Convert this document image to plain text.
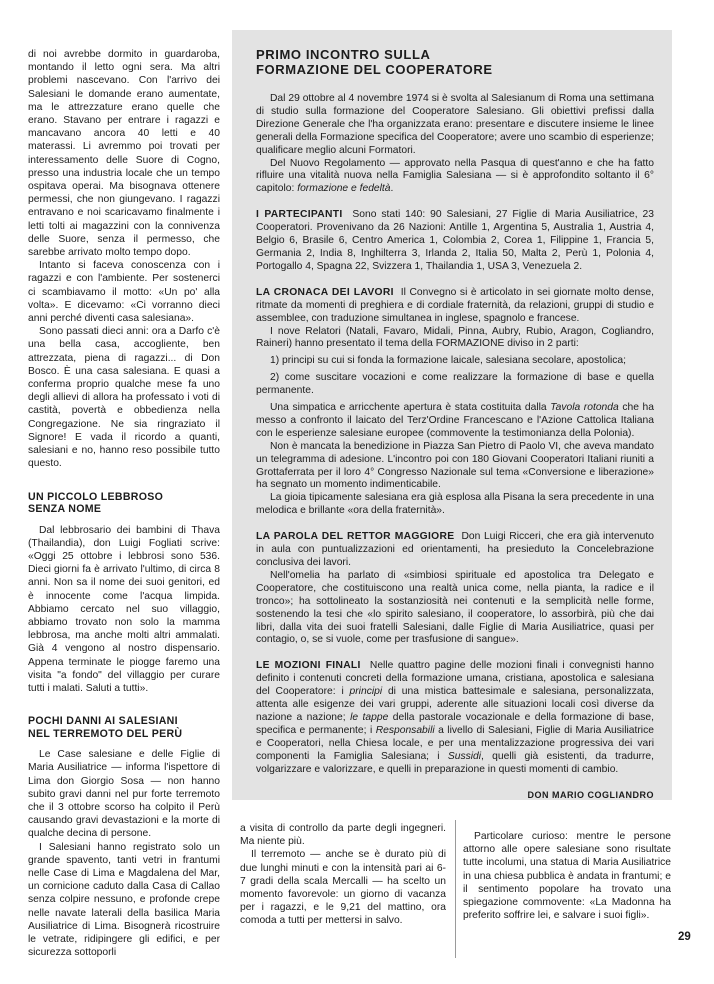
di noi avrebbe dormito in guardaroba, montando il letto ogni sera. Ma altri problemi nascevano. Con l'arrivo dei Salesiani le domande erano aumentate, ma le attrezzature erano quelle che erano. Stavano per entrare i ragazzi e mancavano ancora 40 letti e 40 materassi. Li avremmo poi trovati per interessamento delle Suore di Cogno, presso una industria locale che un tempo ospitava operai. Ma bisognava ottenere permessi, che non giungevano. I ragazzi entravano e noi scaricavamo finalmente i letti tolti ai magazzini con la connivenza delle Suore, senza il permesso, che sarebbe arrivato molto tempo dopo.

Intanto si faceva conoscenza con i ragazzi e con l'ambiente. Per sostenerci ci scambiavamo il motto: «Un po' alla volta». E dicevamo: «Ci vorranno dieci anni perché diventi casa salesiana».

Sono passati dieci anni: ora a Darfo c'è una bella casa, accogliente, ben attrezzata, piena di ragazzi... di Don Bosco. È una casa salesiana. E quasi a conferma proprio qualche mese fa uno degli allievi di allora ha professato i voti di castità, povertà e obbedienza nella Congregazione. Ne sia ringraziato il Signore! E vada il ricordo a quanti, salesiani e no, hanno reso possibile tutto questo.

UN PICCOLO LEBBROSO
SENZA NOME

Dal lebbrosario dei bambini di Thava (Thailandia), don Luigi Fogliati scrive: «Oggi 25 ottobre i lebbrosi sono 536. Dieci giorni fa è arrivato l'ultimo, di circa 8 anni. Non sa il nome dei suoi genitori, ed è innocente come l'acqua limpida. Abbiamo cercato nel suo villaggio, abbiamo trovato non solo la mamma lebbrosa, ma anche molti altri ammalati. Già 4 vengono al nostro dispensario. Appena terminate le piogge faremo una visita "a fondo" del villaggio per curare tutti i malati. Saluti a tutti».

POCHI DANNI AI SALESIANI
NEL TERREMOTO DEL PERÙ

Le Case salesiane e delle Figlie di Maria Ausiliatrice — informa l'ispettore di Lima don Giorgio Sosa — non hanno subito gravi danni nel pur forte terremoto che il 3 ottobre scorso ha colpito il Perù causando gravi devastazioni e la morte di qualche decina di persone.

I Salesiani hanno registrato solo un grande spavento, tanti vetri in frantumi nelle Case di Lima e Magdalena del Mar, un cornicione caduto dalla Casa di Callao senza colpire nessuno, e profonde crepe nelle navate laterali della basilica Maria Ausiliatrice di Lima. Bisognerà ricostruire le vetrate, ridipingere gli edifici, e per sicurezza sottoporli

PRIMO INCONTRO SULLA
FORMAZIONE DEL COOPERATORE

Dal 29 ottobre al 4 novembre 1974 si è svolta al Salesianum di Roma una settimana di studio sulla formazione del Cooperatore Salesiano. Gli obiettivi prefissi dalla Direzione Generale che l'ha organizzata erano: presentare e discutere insieme le linee generali della Formazione specifica del Cooperatore; avere uno scambio di esperienze; qualificare meglio alcuni Formatori.

Del Nuovo Regolamento — approvato nella Pasqua di quest'anno e che ha fatto rifluire una vitalità nuova nella Famiglia Salesiana — si è approfondito soltanto il 6° capitolo: formazione e fedeltà.

I PARTECIPANTI Sono stati 140: 90 Salesiani, 27 Figlie di Maria Ausiliatrice, 23 Cooperatori. Provenivano da 26 Nazioni: Antille 1, Argentina 5, Australia 1, Austria 4, Belgio 6, Brasile 6, Centro America 1, Colombia 2, Corea 1, Filippine 1, Francia 5, Germania 2, India 8, Inghilterra 3, Irlanda 2, Italia 50, Malta 2, Perù 1, Polonia 4, Portogallo 4, Spagna 22, Svizzera 1, Thailandia 1, USA 3, Venezuela 2.

LA CRONACA DEI LAVORI Il Convegno si è articolato in sei giornate molto dense, ritmate da momenti di preghiera e di cordiale fraternità, da relazioni, gruppi di studio e assemblee, con traduzione simultanea in inglese, spagnolo e francese.

I nove Relatori (Natali, Favaro, Midali, Pinna, Aubry, Rubio, Aragon, Cogliandro, Raineri) hanno presentato il tema della FORMAZIONE diviso in 2 parti:

1) principi su cui si fonda la formazione laicale, salesiana secolare, apostolica;

2) come suscitare vocazioni e come realizzare la formazione di base e quella permanente.

Una simpatica e arricchente apertura è stata costituita dalla Tavola rotonda che ha messo a confronto il laicato del Terz'Ordine Francescano e l'Azione Cattolica Italiana con le esperienze salesiane europee (commovente la testimonianza della Polonia).

Non è mancata la benedizione in Piazza San Pietro di Paolo VI, che aveva mandato un telegramma di adesione. L'incontro poi con 180 Giovani Cooperatori Italiani riuniti a Grottaferrata per il loro 4° Congresso Nazionale sul tema «Conversione e liberazione» ha segnato un momento indimenticabile.

La gioia tipicamente salesiana era già esplosa alla Pisana la sera precedente in una melodica e brillante «ora della fraternità».

LA PAROLA DEL RETTOR MAGGIORE Don Luigi Ricceri, che era già intervenuto in aula con puntualizzazioni ed orientamenti, ha presieduto la Concelebrazione conclusiva dei lavori.

Nell'omelia ha parlato di «simbiosi spirituale ed apostolica tra Delegato e Cooperatore, che costituiscono una realtà unica come, nella pianta, la radice e il tronco»; ha sottolineato la sostanziosità nei contenuti e la semplicità nelle forme, sostenendo la tesi che «lo spirito salesiano, il cooperatore, lo assorbirà, più che dai libri, dalla vita dei suoi fratelli Salesiani, dalle Figlie di Maria Ausiliatrice, quasi per contagio, o, se si vuole, come per trasfusione di sangue».

LE MOZIONI FINALI Nelle quattro pagine delle mozioni finali i convegnisti hanno definito i contenuti concreti della formazione umana, cristiana, apostolica e salesiana del Cooperatore: i principi di una mistica battesimale e salesiana, personalizzata, attenta alle esigenze dei vari gruppi, aderente alle situazioni locali così diverse da nazione a nazione; le tappe della pastorale vocazionale e della formazione di base, specifica e permanente; i Responsabili a livello di Salesiani, Figlie di Maria Ausiliatrice e Cooperatori, nella Chiesa locale, e per una mentalizzazione progressiva dei vari componenti la Famiglia Salesiana; i Sussidi, quelli già esistenti, da tradurre, volgarizzare e valorizzare, e quelli in preparazione in questi momenti di cambio.

DON MARIO COGLIANDRO

a visita di controllo da parte degli ingegneri. Ma niente più.

Il terremoto — anche se è durato più di due lunghi minuti e con la intensità pari ai 6-7 gradi della scala Mercalli — ha scelto un momento favorevole: un giorno di vacanza per i ragazzi, e le 9,21 del mattino, ora comoda a tutti per mettersi in salvo.

Particolare curioso: mentre le persone attorno alle opere salesiane sono risultate tutte incolumi, una statua di Maria Ausiliatrice in una chiesa pubblica è andata in frantumi; e il sentimento popolare ha trovato una spiegazione commovente: «La Madonna ha preferito soffrire lei, e salvare i suoi figli».

29
